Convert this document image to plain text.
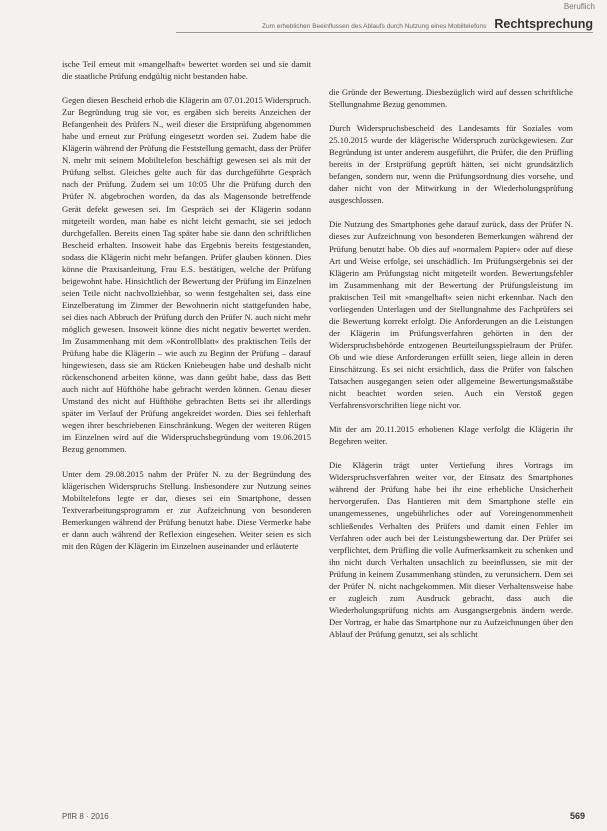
Beruflich
Zum erheblichen Beeinflussen des Ablaufs durch Nutzung eines Mobiltelefons Rechtsprechung

ische Teil erneut mit »mangelhaft« bewertet worden sei und sie damit die staatliche Prüfung endgültig nicht bestanden habe.

Gegen diesen Bescheid erhob die Klägerin am 07.01.2015 Widerspruch. Zur Begründung trug sie vor, es ergäben sich bereits Anzeichen der Befangenheit des Prüfers N., weil dieser die Erstprüfung abgenommen habe und erneut zur Prüfung eingesetzt worden sei. Zudem habe die Klägerin während der Prüfung die Feststellung gemacht, dass der Prüfer N. mehr mit seinem Mobiltelefon beschäftigt gewesen sei als mit der Prüfung selbst. Gleiches gelte auch für das durchgeführte Gespräch nach der Prüfung. Zudem sei um 10:05 Uhr die Prüfung durch den Prüfer N. abgebrochen worden, da das als Magensonde betreffende Gerät defekt gewesen sei. Im Gespräch sei der Klägerin sodann mitgeteilt worden, man habe es nicht leicht gemacht, sie sei jedoch durchgefallen. Bereits einen Tag später habe sie dann den schriftlichen Bescheid erhalten. Insoweit habe das Ergebnis bereits festgestanden, sodass die Klägerin nicht mehr befangen. Prüfer glauben können. Dies könne die Praxisanleitung, Frau E.S. bestätigen, welche der Prüfung beigewohnt habe. Hinsichtlich der Bewertung der Prüfung im Einzelnen seien Teile nicht nachvollziehbar, so wenn festgehalten sei, dass eine Einzelberatung im Zimmer der Bewohnerin nicht stattgefunden habe, sei dies nach Abbruch der Prüfung durch den Prüfer N. auch nicht mehr möglich gewesen. Insoweit könne dies nicht negativ bewertet werden. Im Zusammenhang mit dem »Kontrollblatt« des praktischen Teils der Prüfung habe die Klägerin – wie auch zu Beginn der Prüfung – darauf hingewiesen, dass sie am Rücken Kniebeugen habe und deshalb nicht rückenschonend arbeiten könne, was dann geübt habe, dass das Bett auch nicht auf Hüfthöhe habe gebracht werden können. Genau dieser Umstand des nicht auf Hüfthöhe gebrachten Betts sei ihr allerdings später im Verlauf der Prüfung angekreidet worden. Dies sei fehlerhaft wegen ihrer beschriebenen Einschränkung. Wegen der weiteren Rügen im Einzelnen wird auf die Widerspruchsbegründung vom 19.06.2015 Bezug genommen.

Unter dem 29.08.2015 nahm der Prüfer N. zu der Begründung des klägerischen Widerspruchs Stellung. Insbesondere zur Nutzung seines Mobiltelefons legte er dar, dieses sei ein Smartphone, dessen Textverarbeitungsprogramm er zur Aufzeichnung von besonderen Bemerkungen während der Prüfung benutzt habe. Diese Vermerke habe er dann auch während der Reflexion eingesehen. Weiter seien es sich mit den Rügen der Klägerin im Einzelnen auseinander und erläuterte

die Gründe der Bewertung. Diesbezüglich wird auf dessen schriftliche Stellungnahme Bezug genommen.

Durch Widerspruchsbescheid des Landesamts für Soziales vom 25.10.2015 wurde der klägerische Widerspruch zurückgewiesen. Zur Begründung ist unter anderem ausgeführt, die Prüfer, die den Prüfling bereits in der Erstprüfung geprüft hätten, sei nicht grundsätzlich befangen, sondern nur, wenn die Prüfungsordnung dies vorsehe, und daher nicht von der Mitwirkung in der Wiederholungsprüfung ausgeschlossen.

Die Nutzung des Smartphones gehe darauf zurück, dass der Prüfer N. dieses zur Aufzeichnung von besonderen Bemerkungen während der Prüfung benutzt habe. Ob dies auf »normalem Papier« oder auf diese Art und Weise erfolge, sei unschädlich. Im Prüfungsergebnis sei der Klägerin am Prüfungstag nicht mitgeteilt worden. Bewertungsfehler im Zusammenhang mit der Bewertung der Prüfungsleistung im praktischen Teil mit »mangelhaft« seien nicht erkennbar. Nach den vorliegenden Unterlagen und der Stellungnahme des Fachprüfers sei die Bewertung korrekt erfolgt. Die Anforderungen an die Leistungen der Klägerin im Prüfungsverfahren gehörten in den der Widerspruchsbehörde entzogenen Beurteilungsspielraum der Prüfer. Ob und wie diese Anforderungen erfüllt seien, liege allein in deren Einschätzung. Es sei nicht ersichtlich, dass die Prüfer von falschen Tatsachen ausgegangen seien oder allgemeine Bewertungsmaßstäbe nicht beachtet worden seien. Auch ein Verstoß gegen Verfahrensvorschriften liege nicht vor.

Mit der am 20.11.2015 erhobenen Klage verfolgt die Klägerin ihr Begehren weiter.

Die Klägerin trägt unter Vertiefung ihres Vortrags im Widerspruchsverfahren weiter vor, der Einsatz des Smartphones während der Prüfung habe bei ihr eine erhebliche Unsicherheit hervorgerufen. Das Hantieren mit dem Smartphone stelle ein unangemessenes, ungebührliches oder auf Voreingenommenheit schließendes Verhalten des Prüfers und damit einen Fehler im Verfahren oder auch bei der Leistungsbewertung dar. Der Prüfer sei verpflichtet, dem Prüfling die volle Aufmerksamkeit zu schenken und ihn nicht durch Verhalten unsachlich zu beeinflussen, sie mit der Prüfung in keinem Zusammenhang stünden, zu verunsichern. Dem sei der Prüfer N. nicht nachgekommen. Mit dieser Verhaltensweise habe er zugleich zum Ausdruck gebracht, dass auch die Wiederholungsprüfung nichts am Ausgangsergebnis ändern werde. Der Vortrag, er habe das Smartphone nur zu Aufzeichnungen über den Ablauf der Prüfung genutzt, sei als schlicht

PflR 8 · 2016	569
